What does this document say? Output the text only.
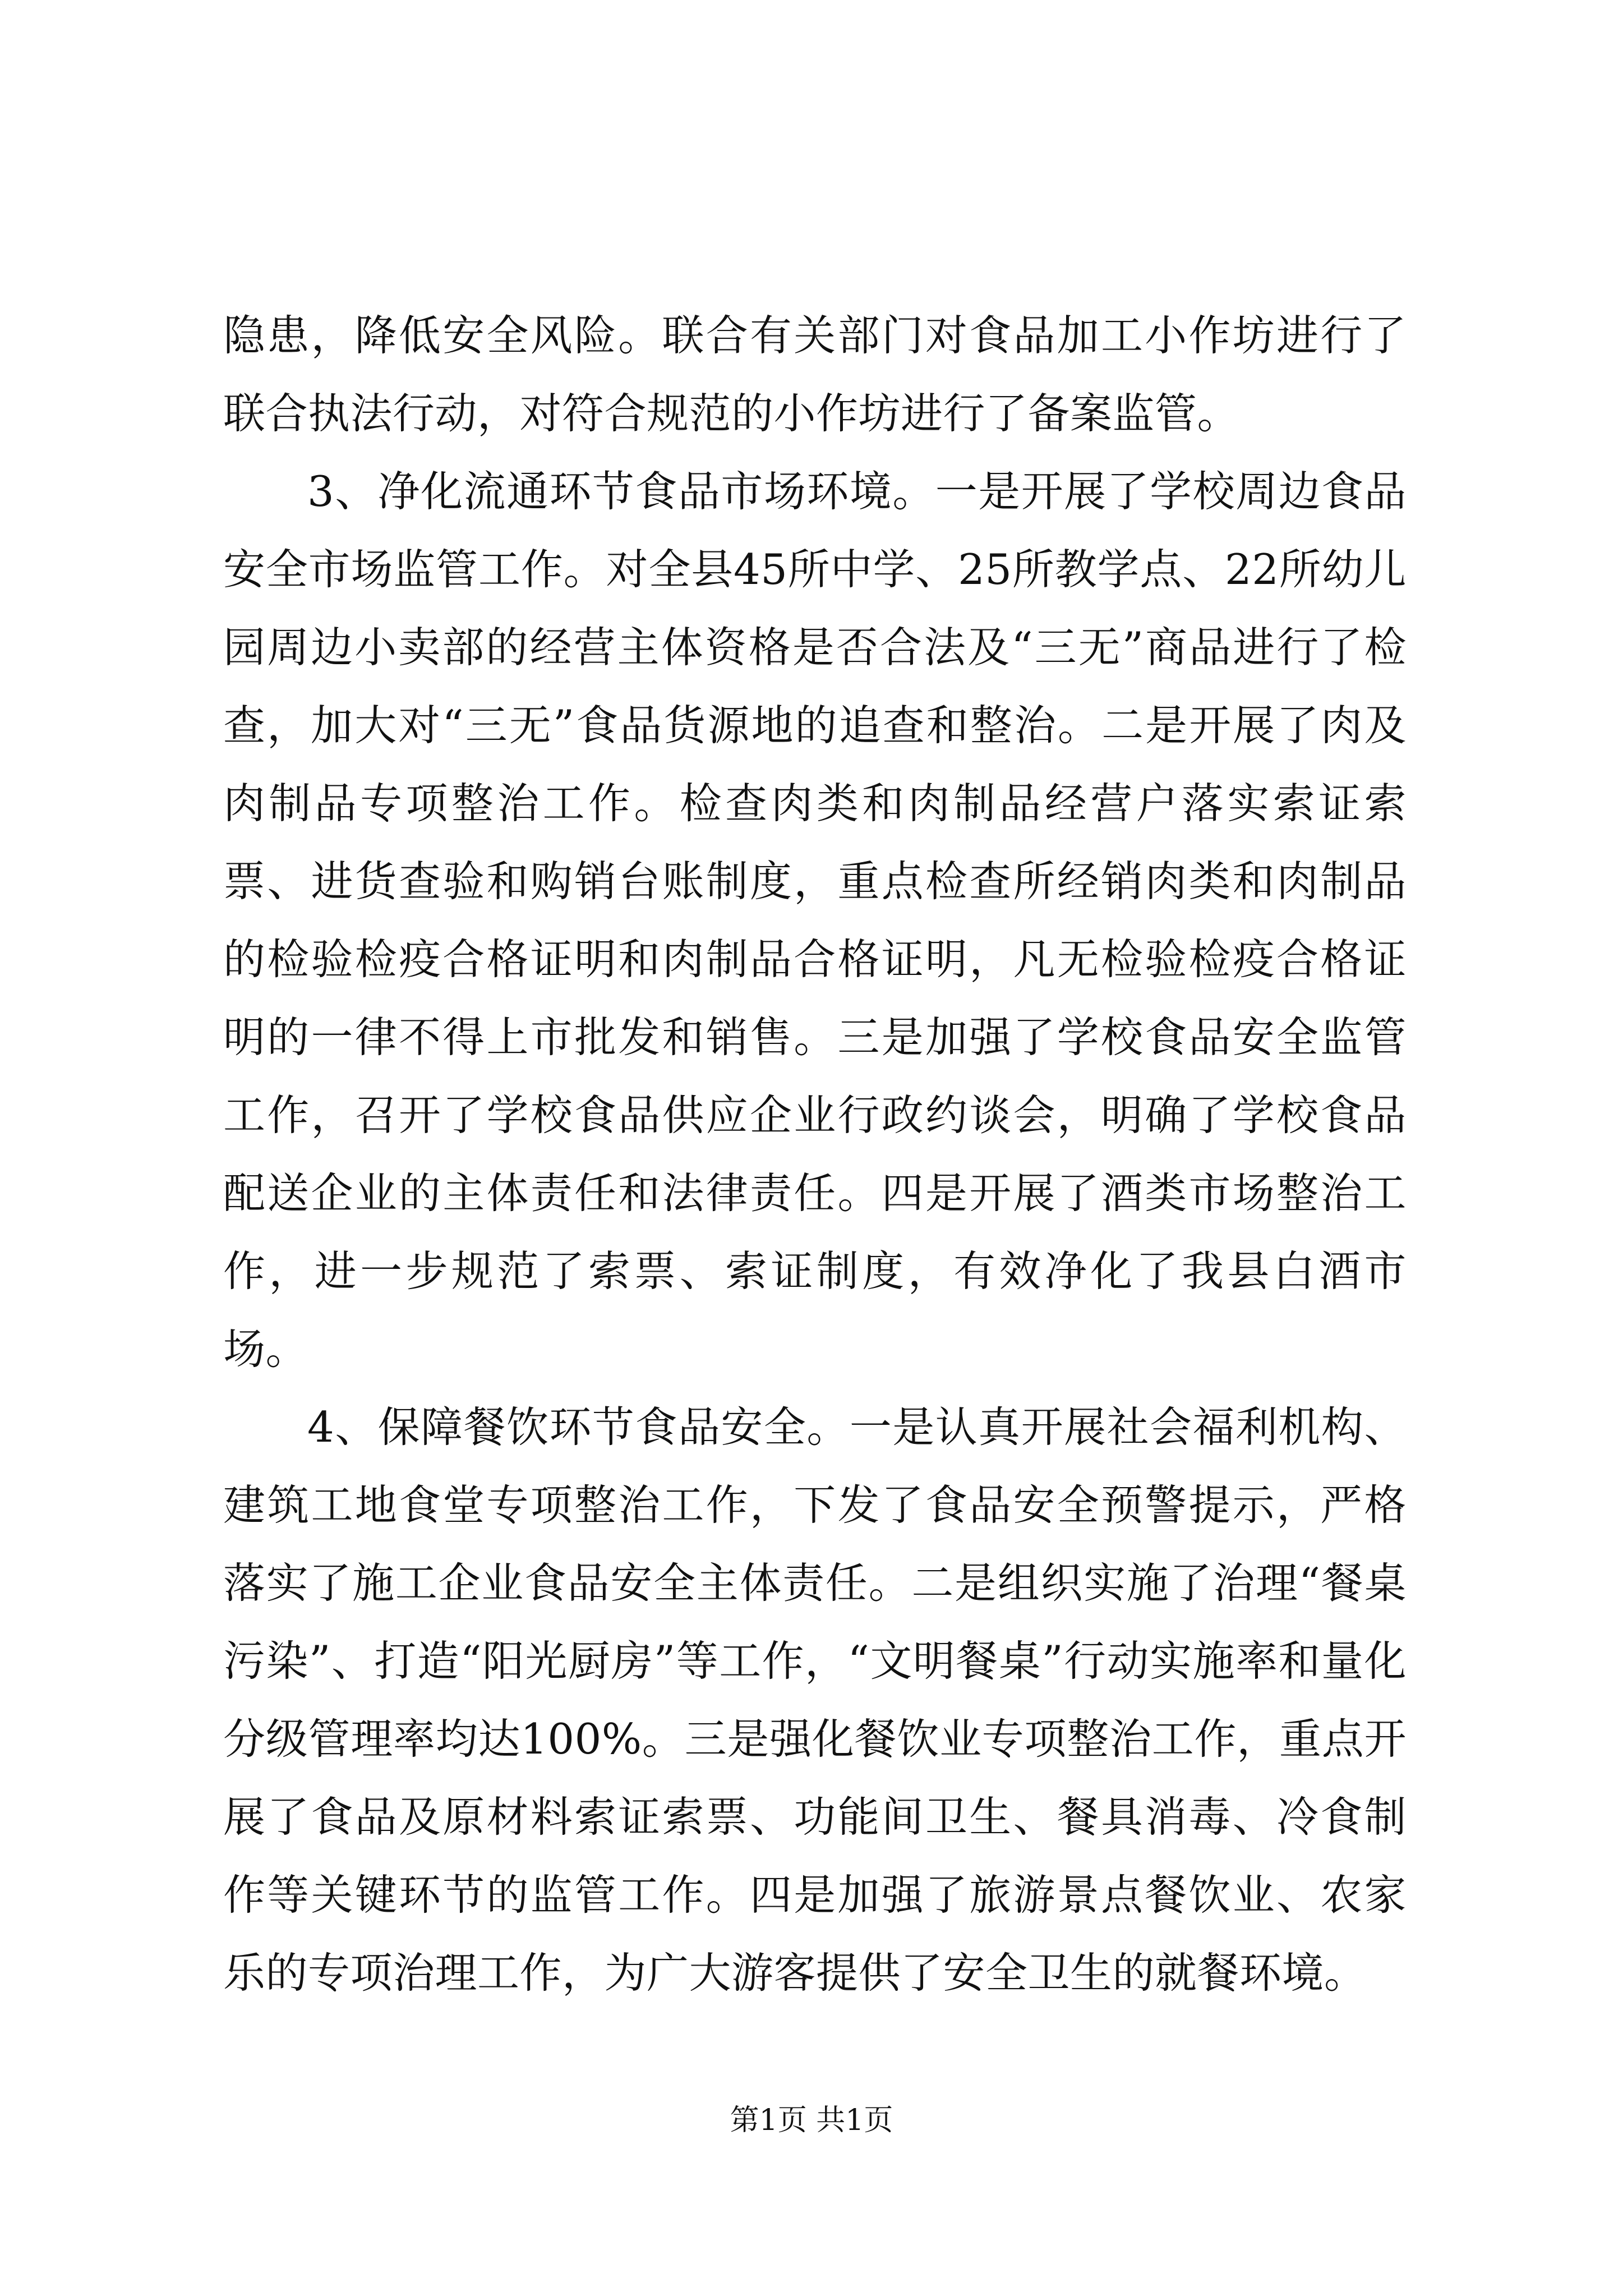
隐患，降低安全风险。联合有关部门对食品加工小作坊进行了联合执法行动，对符合规范的小作坊进行了备案监管。

3、净化流通环节食品市场环境。一是开展了学校周边食品安全市场监管工作。对全县45所中学、25所教学点、22所幼儿园周边小卖部的经营主体资格是否合法及“三无”商品进行了检查，加大对“三无”食品货源地的追查和整治。二是开展了肉及肉制品专项整治工作。检查肉类和肉制品经营户落实索证索票、进货查验和购销台账制度，重点检查所经销肉类和肉制品的检验检疫合格证明和肉制品合格证明，凡无检验检疫合格证明的一律不得上市批发和销售。三是加强了学校食品安全监管工作，召开了学校食品供应企业行政约谈会，明确了学校食品配送企业的主体责任和法律责任。四是开展了酒类市场整治工作，进一步规范了索票、索证制度，有效净化了我县白酒市场。

4、保障餐饮环节食品安全。一是认真开展社会福利机构、建筑工地食堂专项整治工作，下发了食品安全预警提示，严格落实了施工企业食品安全主体责任。二是组织实施了治理“餐桌污染”、打造“阳光厨房”等工作，“文明餐桌”行动实施率和量化分级管理率均达100%。三是强化餐饮业专项整治工作，重点开展了食品及原材料索证索票、功能间卫生、餐具消毒、冷食制作等关键环节的监管工作。四是加强了旅游景点餐饮业、农家乐的专项治理工作，为广大游客提供了安全卫生的就餐环境。

第1页 共1页
